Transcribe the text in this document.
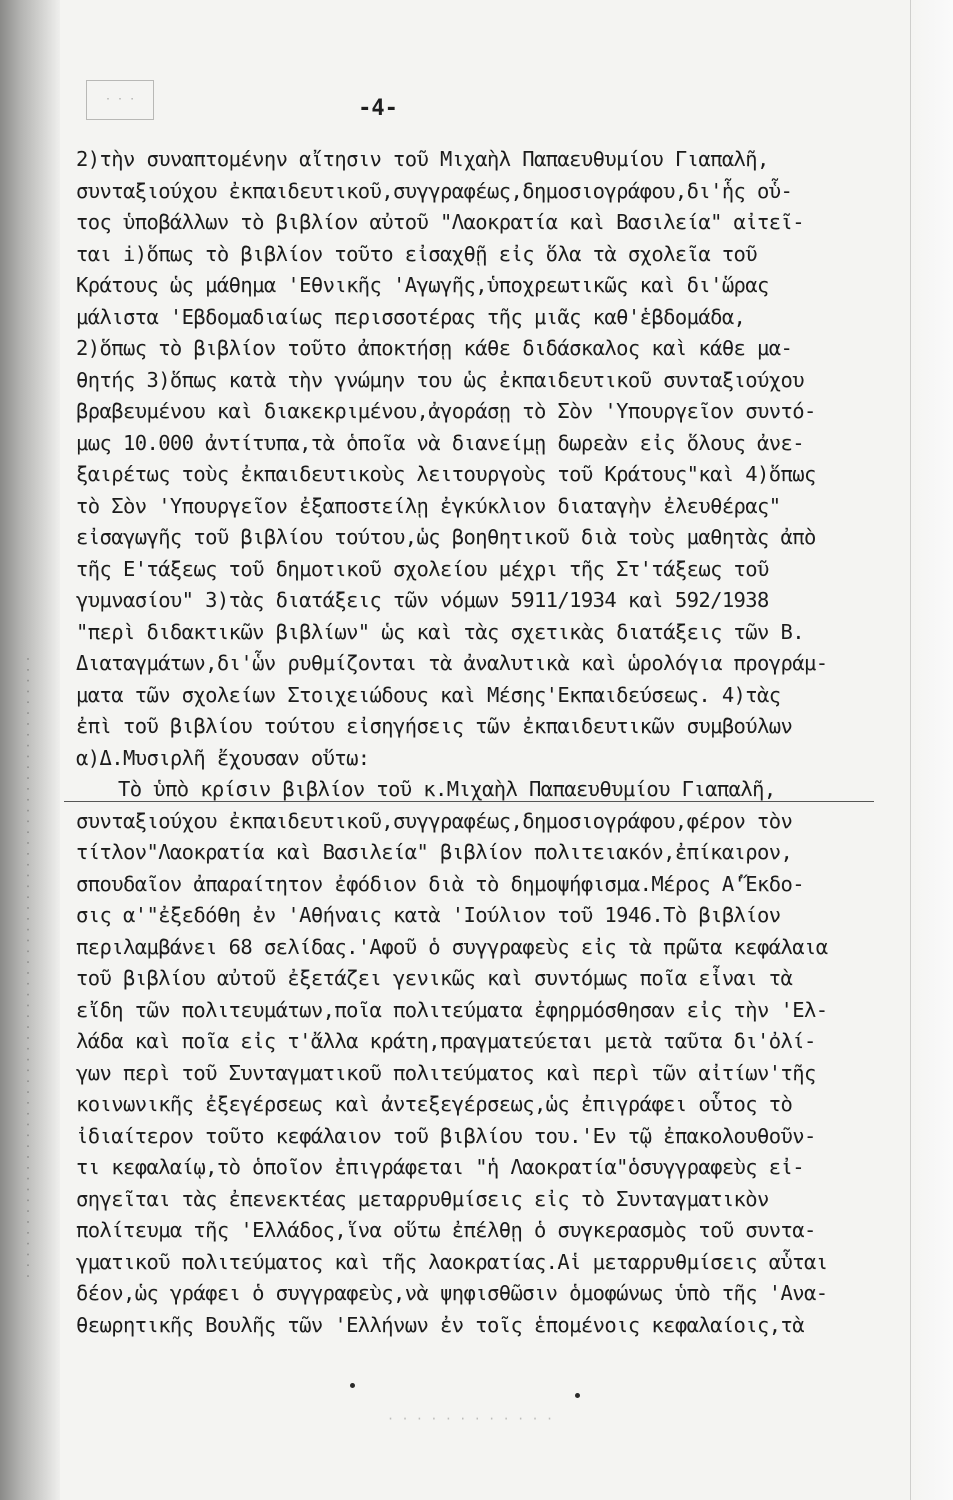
..........................................................
· · ·
· · · · · · · · · · · ·
-4-
2)τὴν συναπτομένην αἴτησιν τοῦ Μιχαὴλ Παπαευθυμίου Γιαπαλῆ,
συνταξιούχου ἐκπαιδευτικοῦ,συγγραφέως,δημοσιογράφου,δι'ἧς οὗ-
τος ὑποβάλλων τὸ βιβλίον αὐτοῦ "Λαοκρατία καὶ Βασιλεία" αἰτεῖ-
ται i)ὅπως τὸ βιβλίον τοῦτο εἰσαχθῇ εἰς ὅλα τὰ σχολεῖα τοῦ
Κράτους ὡς μάθημα 'Εθνικῆς 'Αγωγῆς,ὑποχρεωτικῶς καὶ δι'ὥρας
μάλιστα 'Εβδομαδιαίως περισσοτέρας τῆς μιᾶς καθ'ἑβδομάδα,
2)ὅπως τὸ βιβλίον τοῦτο ἀποκτήσῃ κάθε διδάσκαλος καὶ κάθε μα-
θητής 3)ὅπως κατὰ τὴν γνώμην του ὡς ἐκπαιδευτικοῦ συνταξιούχου
βραβευμένου καὶ διακεκριμένου,ἀγοράσῃ τὸ Σὸν 'Υπουργεῖον συντό-
μως 10.000 ἀντίτυπα,τὰ ὁποῖα νὰ διανείμῃ δωρεὰν εἰς ὅλους ἀνε-
ξαιρέτως τοὺς ἐκπαιδευτικοὺς λειτουργοὺς τοῦ Κράτους"καὶ 4)ὅπως
τὸ Σὸν 'Υπουργεῖον ἐξαποστείλῃ ἐγκύκλιον διαταγὴν ἐλευθέρας"
εἰσαγωγῆς τοῦ βιβλίου τούτου,ὡς βοηθητικοῦ διὰ τοὺς μαθητὰς ἀπὸ
τῆς Ε'τάξεως τοῦ δημοτικοῦ σχολείου μέχρι τῆς Στ'τάξεως τοῦ
γυμνασίου" 3)τὰς διατάξεις τῶν νόμων 5911/1934 καὶ 592/1938
"περὶ διδακτικῶν βιβλίων" ὡς καὶ τὰς σχετικὰς διατάξεις τῶν Β.
Διαταγμάτων,δι'ὧν ρυθμίζονται τὰ ἀναλυτικὰ καὶ ὡρολόγια προγράμ-
ματα τῶν σχολείων Στοιχειώδους καὶ Μέσης'Εκπαιδεύσεως. 4)τὰς
ἐπὶ τοῦ βιβλίου τούτου εἰσηγήσεις τῶν ἐκπαιδευτικῶν συμβούλων
α)Δ.Μυσιρλῆ ἔχουσαν οὕτω:
Τὸ ὑπὸ κρίσιν βιβλίον τοῦ κ.Μιχαὴλ Παπαευθυμίου Γιαπαλῆ,
συνταξιούχου ἐκπαιδευτικοῦ,συγγραφέως,δημοσιογράφου,φέρον τὸν
τίτλον"Λαοκρατία καὶ Βασιλεία" βιβλίον πολιτειακόν,ἐπίκαιρον,
σπουδαῖον ἀπαραίτητον ἐφόδιον διὰ τὸ δημοψήφισμα.Μέρος Α'Ἔκδο-
σις α'"ἐξεδόθη ἐν 'Αθήναις κατὰ 'Ιούλιον τοῦ 1946.Τὸ βιβλίον
περιλαμβάνει 68 σελίδας.'Αφοῦ ὁ συγγραφεὺς εἰς τὰ πρῶτα κεφάλαια
τοῦ βιβλίου αὐτοῦ ἐξετάζει γενικῶς καὶ συντόμως ποῖα εἶναι τὰ
εἴδη τῶν πολιτευμάτων,ποῖα πολιτεύματα ἐφηρμόσθησαν εἰς τὴν 'Ελ-
λάδα καὶ ποῖα εἰς τ'ἄλλα κράτη,πραγματεύεται μετὰ ταῦτα δι'ὀλί-
γων περὶ τοῦ Συνταγματικοῦ πολιτεύματος καὶ περὶ τῶν αἰτίων'τῆς
κοινωνικῆς ἐξεγέρσεως καὶ ἀντεξεγέρσεως,ὡς ἐπιγράφει οὗτος τὸ
ἰδιαίτερον τοῦτο κεφάλαιον τοῦ βιβλίου του.'Εν τῷ ἐπακολουθοῦν-
τι κεφαλαίῳ,τὸ ὁποῖον ἐπιγράφεται "ἡ Λαοκρατία"ὁσυγγραφεὺς εἰ-
σηγεῖται τὰς ἐπενεκτέας μεταρρυθμίσεις εἰς τὸ Συνταγματικὸν
πολίτευμα τῆς 'Ελλάδος,ἵνα οὕτω ἐπέλθῃ ὁ συγκερασμὸς τοῦ συντα-
γματικοῦ πολιτεύματος καὶ τῆς λαοκρατίας.Αἱ μεταρρυθμίσεις αὗται
δέον,ὡς γράφει ὁ συγγραφεὺς,νὰ ψηφισθῶσιν ὁμοφώνως ὑπὸ τῆς 'Ανα-
θεωρητικῆς Βουλῆς τῶν 'Ελλήνων ἐν τοῖς ἑπομένοις κεφαλαίοις,τὰ
